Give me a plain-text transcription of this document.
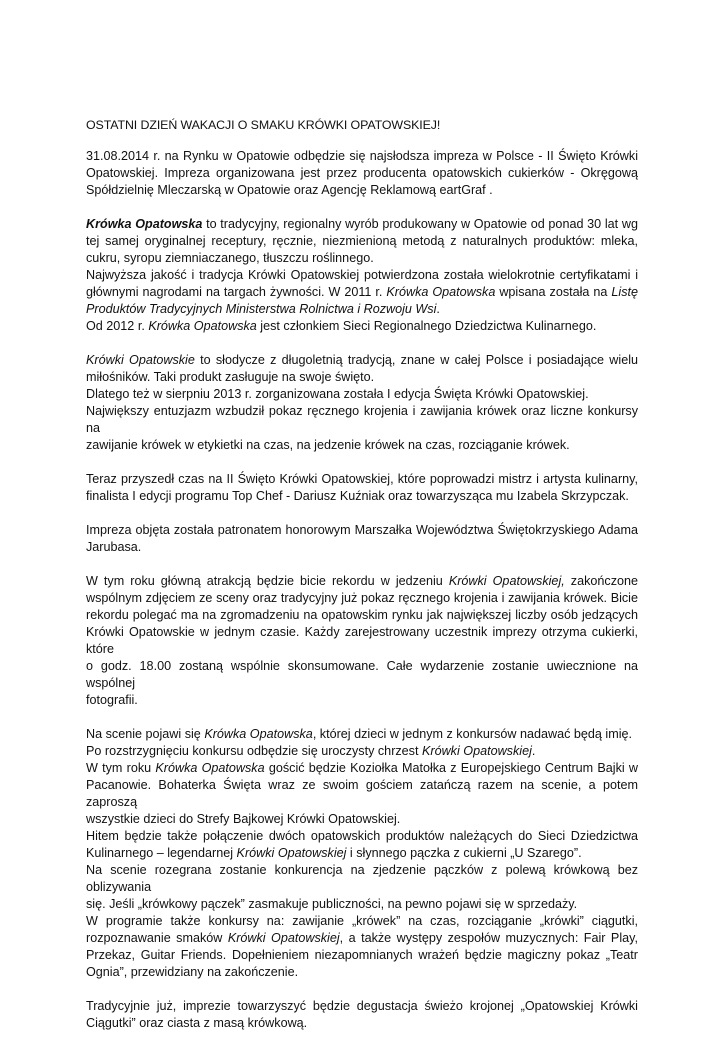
OSTATNI DZIEŃ WAKACJI O SMAKU KRÓWKI OPATOWSKIEJ!
31.08.2014 r. na Rynku w Opatowie odbędzie się najsłodsza impreza w Polsce - II Święto Krówki
Opatowskiej. Impreza organizowana jest przez producenta opatowskich cukierków - Okręgową
Spółdzielnię Mleczarską w Opatowie oraz Agencję Reklamową eartGraf .
Krówka Opatowska to tradycyjny, regionalny wyrób produkowany w Opatowie od ponad 30 lat wg
tej samej oryginalnej receptury, ręcznie, niezmienioną metodą z naturalnych produktów: mleka,
cukru, syropu ziemniaczanego, tłuszczu roślinnego.
Najwyższa jakość i tradycja Krówki Opatowskiej potwierdzona została wielokrotnie certyfikatami i
głównymi nagrodami na targach żywności. W 2011 r. Krówka Opatowska wpisana została na Listę
Produktów Tradycyjnych Ministerstwa Rolnictwa i Rozwoju Wsi.
Od 2012 r. Krówka Opatowska jest członkiem Sieci Regionalnego Dziedzictwa Kulinarnego.
Krówki Opatowskie to słodycze z długoletnią tradycją, znane w całej Polsce i posiadające wielu
miłośników. Taki produkt zasługuje na swoje święto.
Dlatego też w sierpniu 2013 r. zorganizowana została I edycja Święta Krówki Opatowskiej.
Największy entuzjazm wzbudził pokaz ręcznego krojenia i zawijania krówek oraz liczne konkursy na
zawijanie krówek w etykietki na czas, na jedzenie krówek na czas, rozciąganie krówek.
Teraz przyszedł czas na II Święto Krówki Opatowskiej, które poprowadzi mistrz i artysta kulinarny,
finalista I edycji programu Top Chef - Dariusz Kuźniak oraz towarzysząca mu Izabela Skrzypczak.
Impreza objęta została patronatem honorowym Marszałka Województwa Świętokrzyskiego Adama
Jarubasa.
W tym roku główną atrakcją będzie bicie rekordu w jedzeniu Krówki Opatowskiej, zakończone
wspólnym zdjęciem ze sceny oraz tradycyjny już pokaz ręcznego krojenia i zawijania krówek. Bicie
rekordu polegać ma na zgromadzeniu na opatowskim rynku jak największej liczby osób jedzących
Krówki Opatowskie w jednym czasie. Każdy zarejestrowany uczestnik imprezy otrzyma cukierki, które
o godz. 18.00 zostaną wspólnie skonsumowane. Całe wydarzenie zostanie uwiecznione na wspólnej
fotografii.
Na scenie pojawi się Krówka Opatowska, której dzieci w jednym z konkursów nadawać będą imię.
Po rozstrzygnięciu konkursu odbędzie się uroczysty chrzest Krówki Opatowskiej.
W tym roku Krówka Opatowska gościć będzie Koziołka Matołka z Europejskiego Centrum Bajki w
Pacanowie. Bohaterka Święta wraz ze swoim gościem zatańczą razem na scenie, a potem zaproszą
wszystkie dzieci do Strefy Bajkowej Krówki Opatowskiej.
Hitem będzie także połączenie dwóch opatowskich produktów należących do Sieci Dziedzictwa
Kulinarnego – legendarnej Krówki Opatowskiej i słynnego pączka z cukierni „U Szarego”.
Na scenie rozegrana zostanie konkurencja na zjedzenie pączków z polewą krówkową bez oblizywania
się. Jeśli „krówkowy pączek” zasmakuje publiczności, na pewno pojawi się w sprzedaży.
W programie także konkursy na: zawijanie „krówek” na czas, rozciąganie „krówki” ciągutki,
rozpoznawanie smaków Krówki Opatowskiej, a także występy zespołów muzycznych: Fair Play,
Przekaz, Guitar Friends. Dopełnieniem niezapomnianych wrażeń będzie magiczny pokaz „Teatr
Ognia”, przewidziany na zakończenie.
Tradycyjnie już, imprezie towarzyszyć będzie degustacja świeżo krojonej „Opatowskiej Krówki
Ciągutki” oraz ciasta z masą krówkową.
